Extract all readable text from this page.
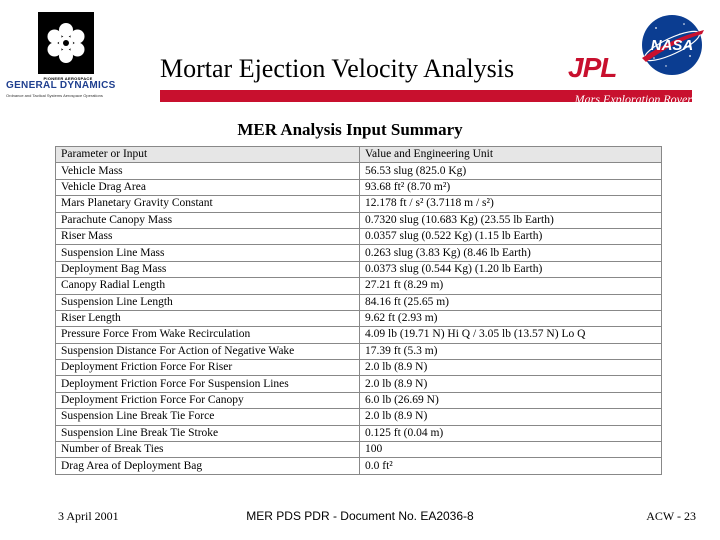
PIONEER AEROSPACE
GENERAL DYNAMICS
Ordnance and Tactical Systems Aerospace Operations
Mortar Ejection Velocity Analysis	JPL
NASA
Mars Exploration Rover
MER Analysis Input Summary
Parameter or Input	Value and Engineering Unit
Vehicle Mass	56.53 slug (825.0 Kg)
Vehicle Drag Area	93.68 ft² (8.70 m²)
Mars Planetary Gravity Constant	12.178 ft / s² (3.7118 m / s²)
Parachute Canopy Mass	0.7320 slug (10.683 Kg) (23.55 lb Earth)
Riser Mass	0.0357 slug (0.522 Kg) (1.15 lb Earth)
Suspension Line Mass	0.263 slug (3.83 Kg) (8.46 lb Earth)
Deployment Bag Mass	0.0373 slug (0.544 Kg) (1.20 lb Earth)
Canopy Radial Length	27.21 ft (8.29 m)
Suspension Line Length	84.16 ft (25.65 m)
Riser Length	9.62 ft (2.93 m)
Pressure Force From Wake Recirculation	4.09 lb (19.71 N) Hi Q / 3.05 lb (13.57 N) Lo Q
Suspension Distance For Action of Negative Wake	17.39 ft (5.3 m)
Deployment Friction Force For Riser	2.0 lb (8.9 N)
Deployment Friction Force For Suspension Lines	2.0 lb (8.9 N)
Deployment Friction Force For Canopy	6.0 lb (26.69 N)
Suspension Line Break Tie Force	2.0 lb (8.9 N)
Suspension Line Break Tie Stroke	0.125 ft (0.04 m)
Number of Break Ties	100
Drag Area of Deployment Bag	0.0 ft²
3 April 2001	MER PDS PDR - Document No. EA2036-8	ACW - 23
